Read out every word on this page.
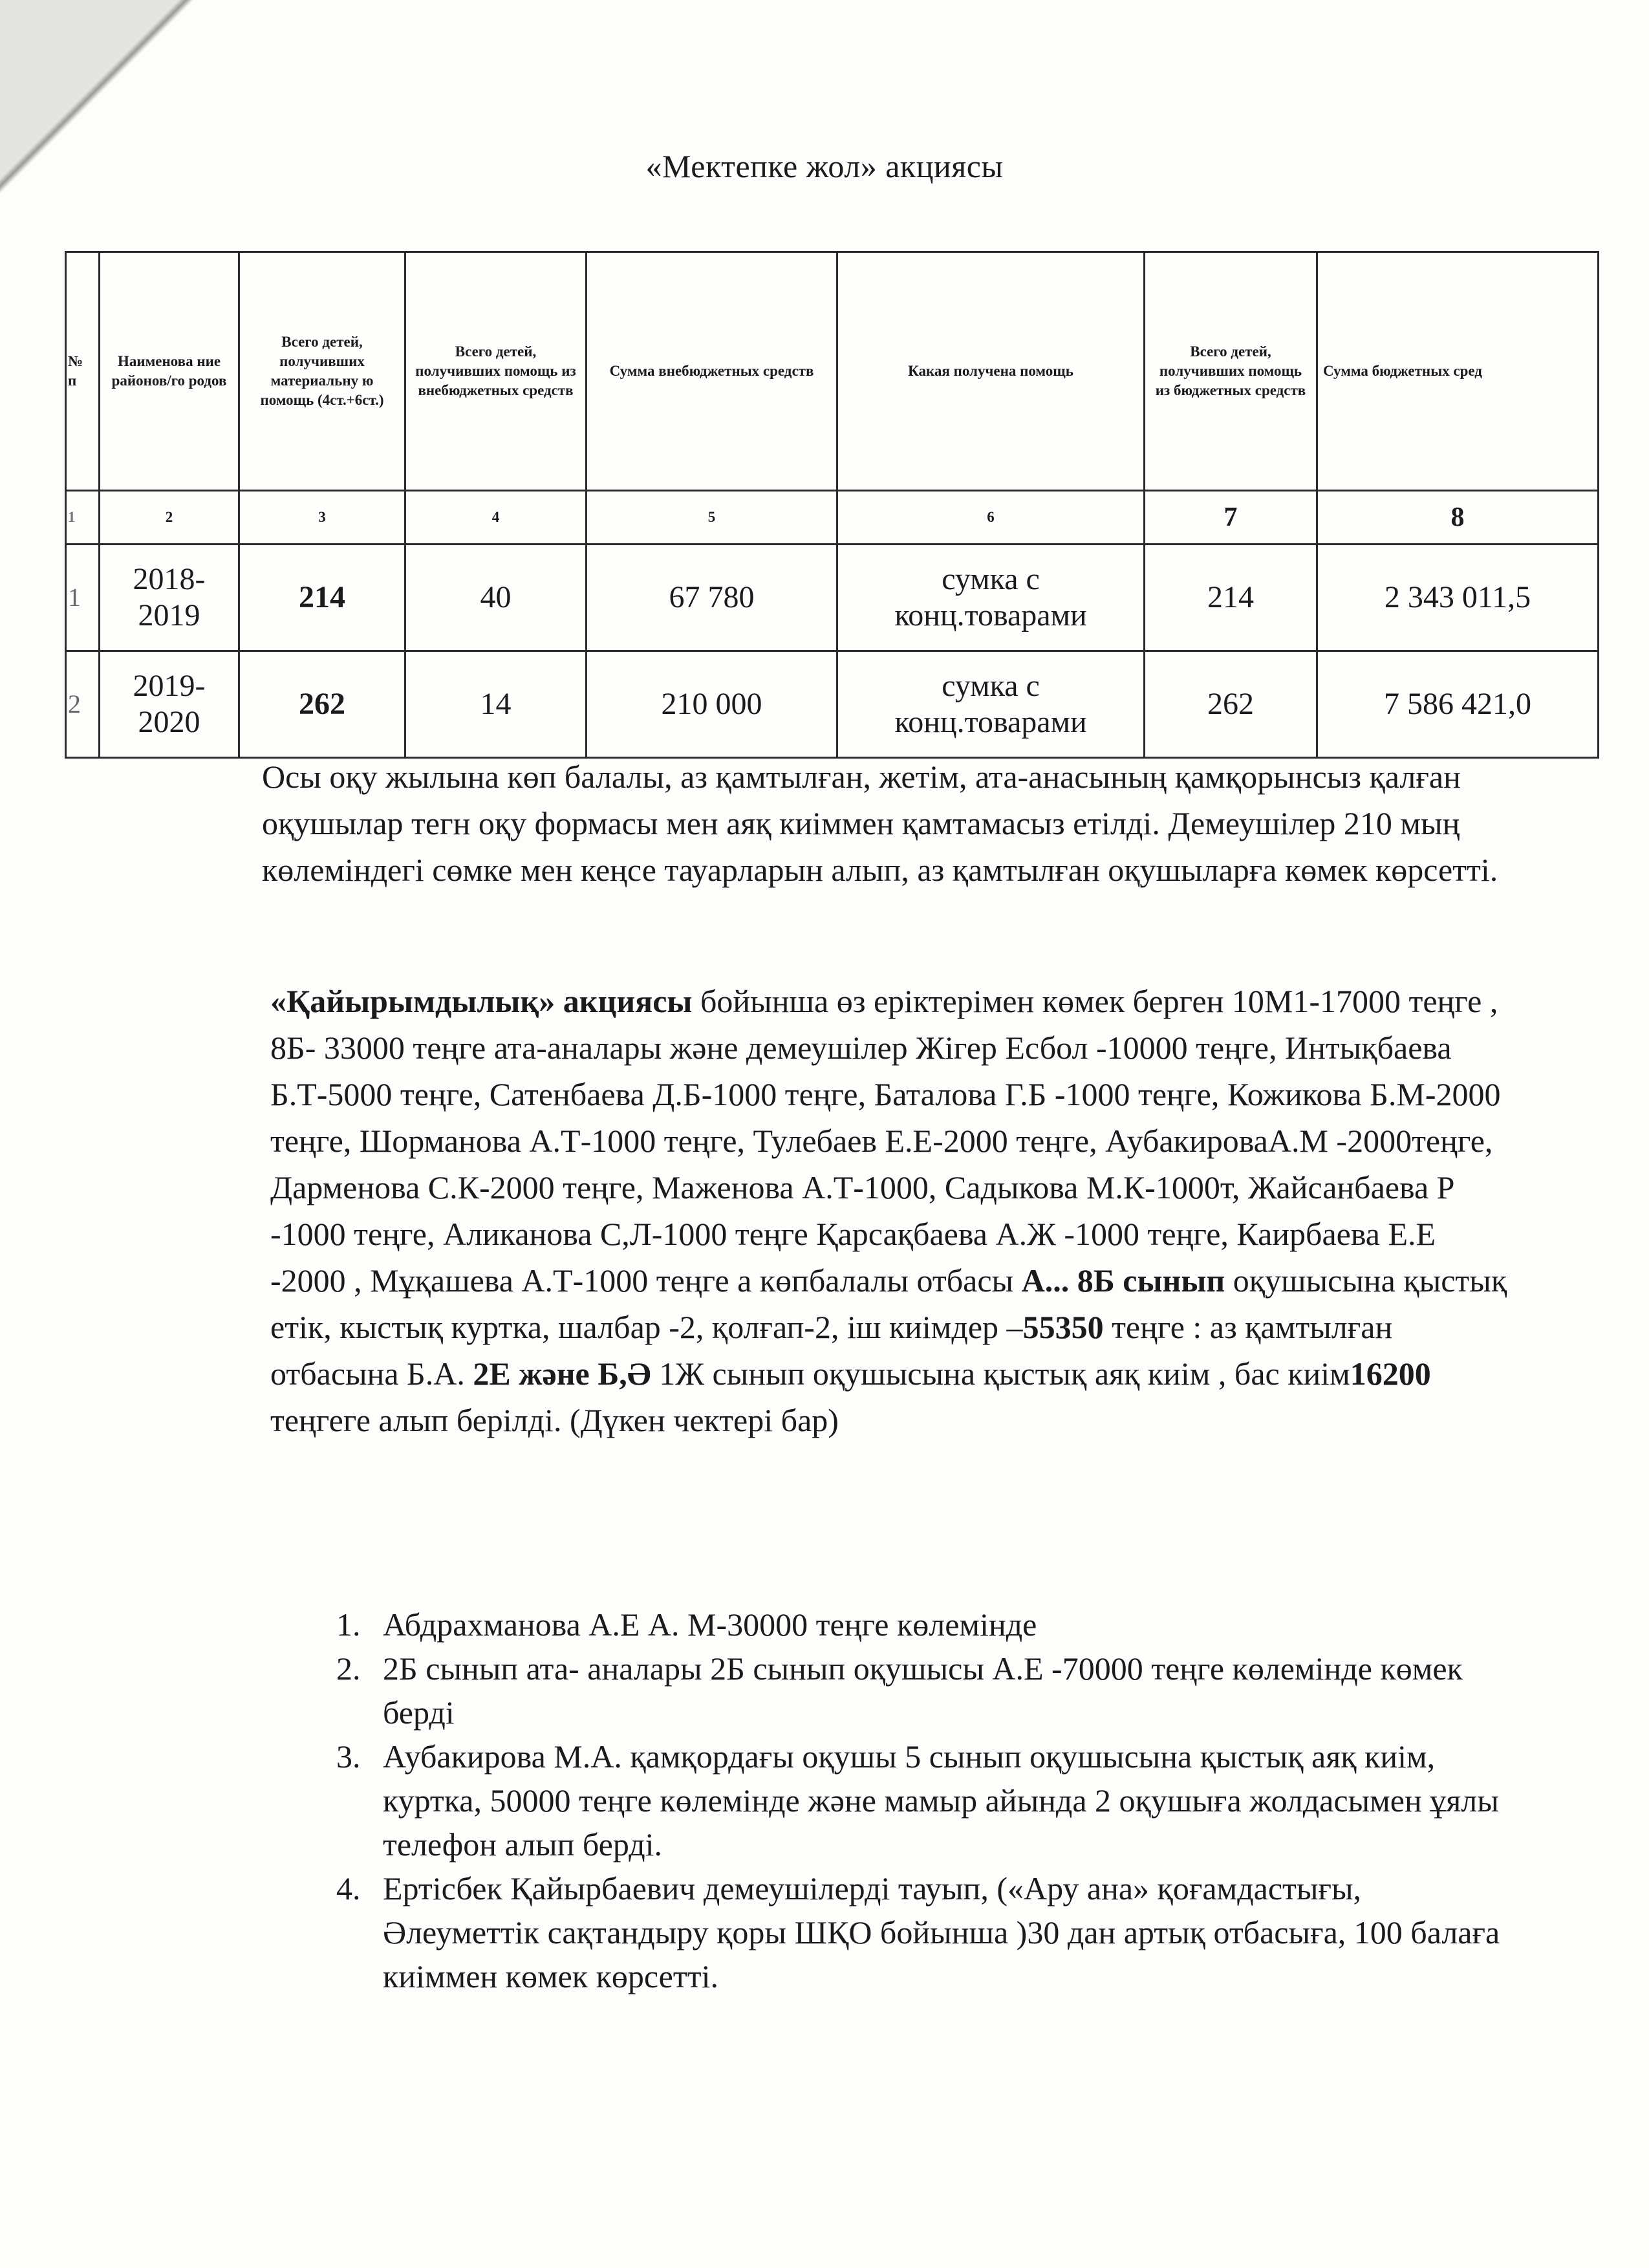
«Мектепке жол» акциясы
№ п	Наименова ние районов/го родов	Всего детей, получивших материальну ю помощь (4ст.+6ст.)	Всего детей, получивших помощь из внебюджетных средств	Сумма внебюджетных средств	Какая получена помощь	Всего детей, получивших помощь из бюджетных средств	Сумма бюджетных сред
1	2	3	4	5	6	7	8
1	2018-2019	214	40	67 780	сумка с конц.товарами	214	2 343 011,5
2	2019-2020	262	14	210 000	сумка с конц.товарами	262	7 586 421,0

Осы оқу жылына көп балалы, аз қамтылған, жетім, ата-анасының қамқорынсыз қалған оқушылар тегн оқу формасы мен аяқ киіммен қамтамасыз етілді. Демеушілер 210 мың көлеміндегі сөмке мен кеңсе тауарларын алып, аз қамтылған оқушыларға көмек көрсетті.

«Қайырымдылық» акциясы бойынша өз еріктерімен көмек берген 10М1-17000 теңге , 8Б- 33000 теңге ата-аналары және демеушілер Жігер Есбол -10000 теңге, Интықбаева Б.Т-5000 теңге, Сатенбаева Д.Б-1000 теңге, Баталова Г.Б -1000 теңге, Кожикова Б.М-2000 теңге, Шорманова А.Т-1000 теңге, Тулебаев Е.Е-2000 теңге, АубакироваА.М -2000теңге, Дарменова С.К-2000 теңге, Маженова А.Т-1000, Садыкова М.К-1000т, Жайсанбаева Р -1000 теңге, Аликанова С,Л-1000 теңге Қарсақбаева А.Ж -1000 теңге, Каирбаева Е.Е -2000 , Мұқашева А.Т-1000 теңге а көпбалалы отбасы А... 8Б сынып оқушысына қыстық етік, кыстық куртка, шалбар -2, қолғап-2, іш киімдер –55350 теңге : аз қамтылған отбасына Б.А. 2Е және Б,Ә 1Ж сынып оқушысына қыстық аяқ киім , бас киім16200 теңгеге алып берілді. (Дүкен чектері бар)

1. Абдрахманова А.Е А. М-30000 теңге көлемінде
2. 2Б сынып ата- аналары 2Б сынып оқушысы А.Е -70000 теңге көлемінде көмек берді
3. Аубакирова М.А. қамқордағы оқушы 5 сынып оқушысына қыстық аяқ киім, куртка, 50000 теңге көлемінде және мамыр айында 2 оқушыға жолдасымен ұялы телефон алып берді.
4. Ертісбек Қайырбаевич демеушілерді тауып, («Ару ана» қоғамдастығы, Әлеуметтік сақтандыру қоры ШҚО бойынша )30 дан артық отбасыға, 100 балаға киіммен көмек көрсетті.
